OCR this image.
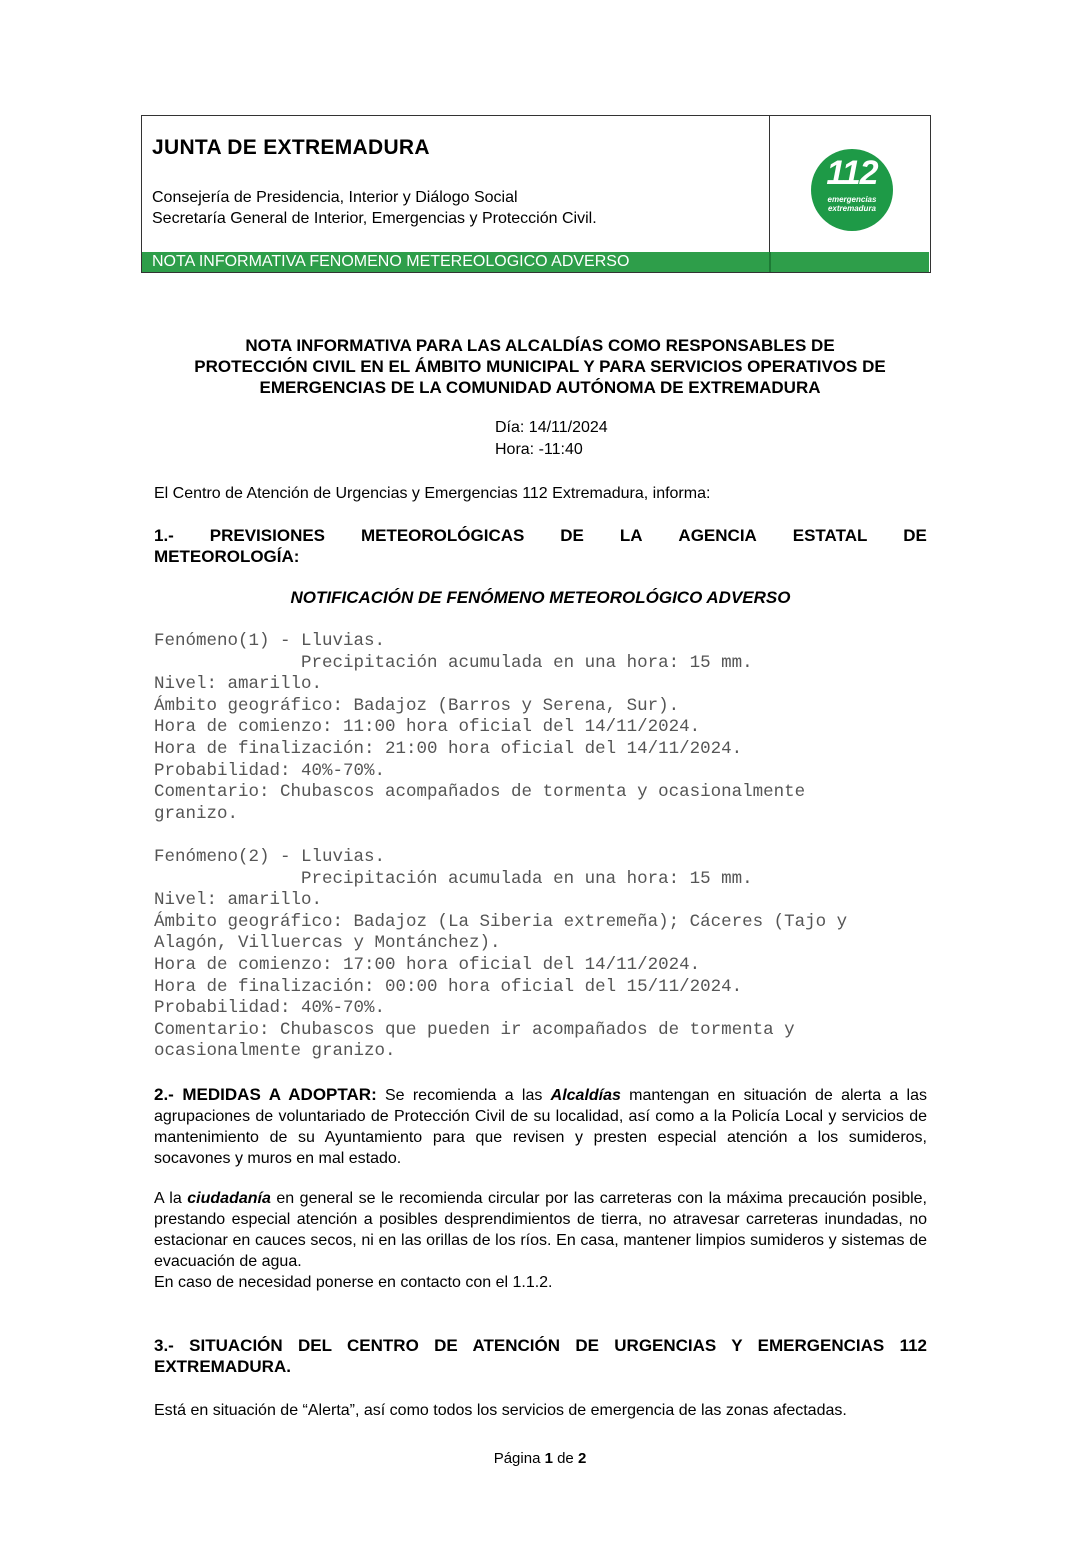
JUNTA DE EXTREMADURA
Consejería de Presidencia, Interior y Diálogo Social
Secretaría General de Interior, Emergencias y Protección Civil.
112
emergencias
extremadura
NOTA INFORMATIVA FENOMENO METEREOLOGICO ADVERSO
NOTA INFORMATIVA PARA LAS ALCALDÍAS COMO RESPONSABLES DE
PROTECCIÓN CIVIL EN EL ÁMBITO MUNICIPAL Y PARA SERVICIOS OPERATIVOS DE
EMERGENCIAS DE LA COMUNIDAD AUTÓNOMA DE EXTREMADURA
Día: 14/11/2024
Hora: -11:40
El Centro de Atención de Urgencias y Emergencias 112 Extremadura, informa:
1.- PREVISIONES METEOROLÓGICAS DE LA AGENCIA ESTATAL DE
METEOROLOGÍA:
NOTIFICACIÓN DE FENÓMENO METEOROLÓGICO ADVERSO
Fenómeno(1) - Lluvias.
Precipitación acumulada en una hora: 15 mm.
Nivel: amarillo.
Ámbito geográfico: Badajoz (Barros y Serena, Sur).
Hora de comienzo: 11:00 hora oficial del 14/11/2024.
Hora de finalización: 21:00 hora oficial del 14/11/2024.
Probabilidad: 40%-70%.
Comentario: Chubascos acompañados de tormenta y ocasionalmente
granizo.
Fenómeno(2) - Lluvias.
Precipitación acumulada en una hora: 15 mm.
Nivel: amarillo.
Ámbito geográfico: Badajoz (La Siberia extremeña); Cáceres (Tajo y
Alagón, Villuercas y Montánchez).
Hora de comienzo: 17:00 hora oficial del 14/11/2024.
Hora de finalización: 00:00 hora oficial del 15/11/2024.
Probabilidad: 40%-70%.
Comentario: Chubascos que pueden ir acompañados de tormenta y
ocasionalmente granizo.
2.- MEDIDAS A ADOPTAR: Se recomienda a las Alcaldías mantengan en situación de alerta a las agrupaciones de voluntariado de Protección Civil de su localidad, así como a la Policía Local y servicios de mantenimiento de su Ayuntamiento para que revisen y presten especial atención a los sumideros, socavones y muros en mal estado.
A la ciudadanía en general se le recomienda circular por las carreteras con la máxima precaución posible, prestando especial atención a posibles desprendimientos de tierra, no atravesar carreteras inundadas, no estacionar en cauces secos, ni en las orillas de los ríos. En casa, mantener limpios sumideros y sistemas de evacuación de agua.
En caso de necesidad ponerse en contacto con el 1.1.2.
3.- SITUACIÓN DEL CENTRO DE ATENCIÓN DE URGENCIAS Y EMERGENCIAS 112 EXTREMADURA.
Está en situación de “Alerta”, así como todos los servicios de emergencia de las zonas afectadas.
Página 1 de 2
